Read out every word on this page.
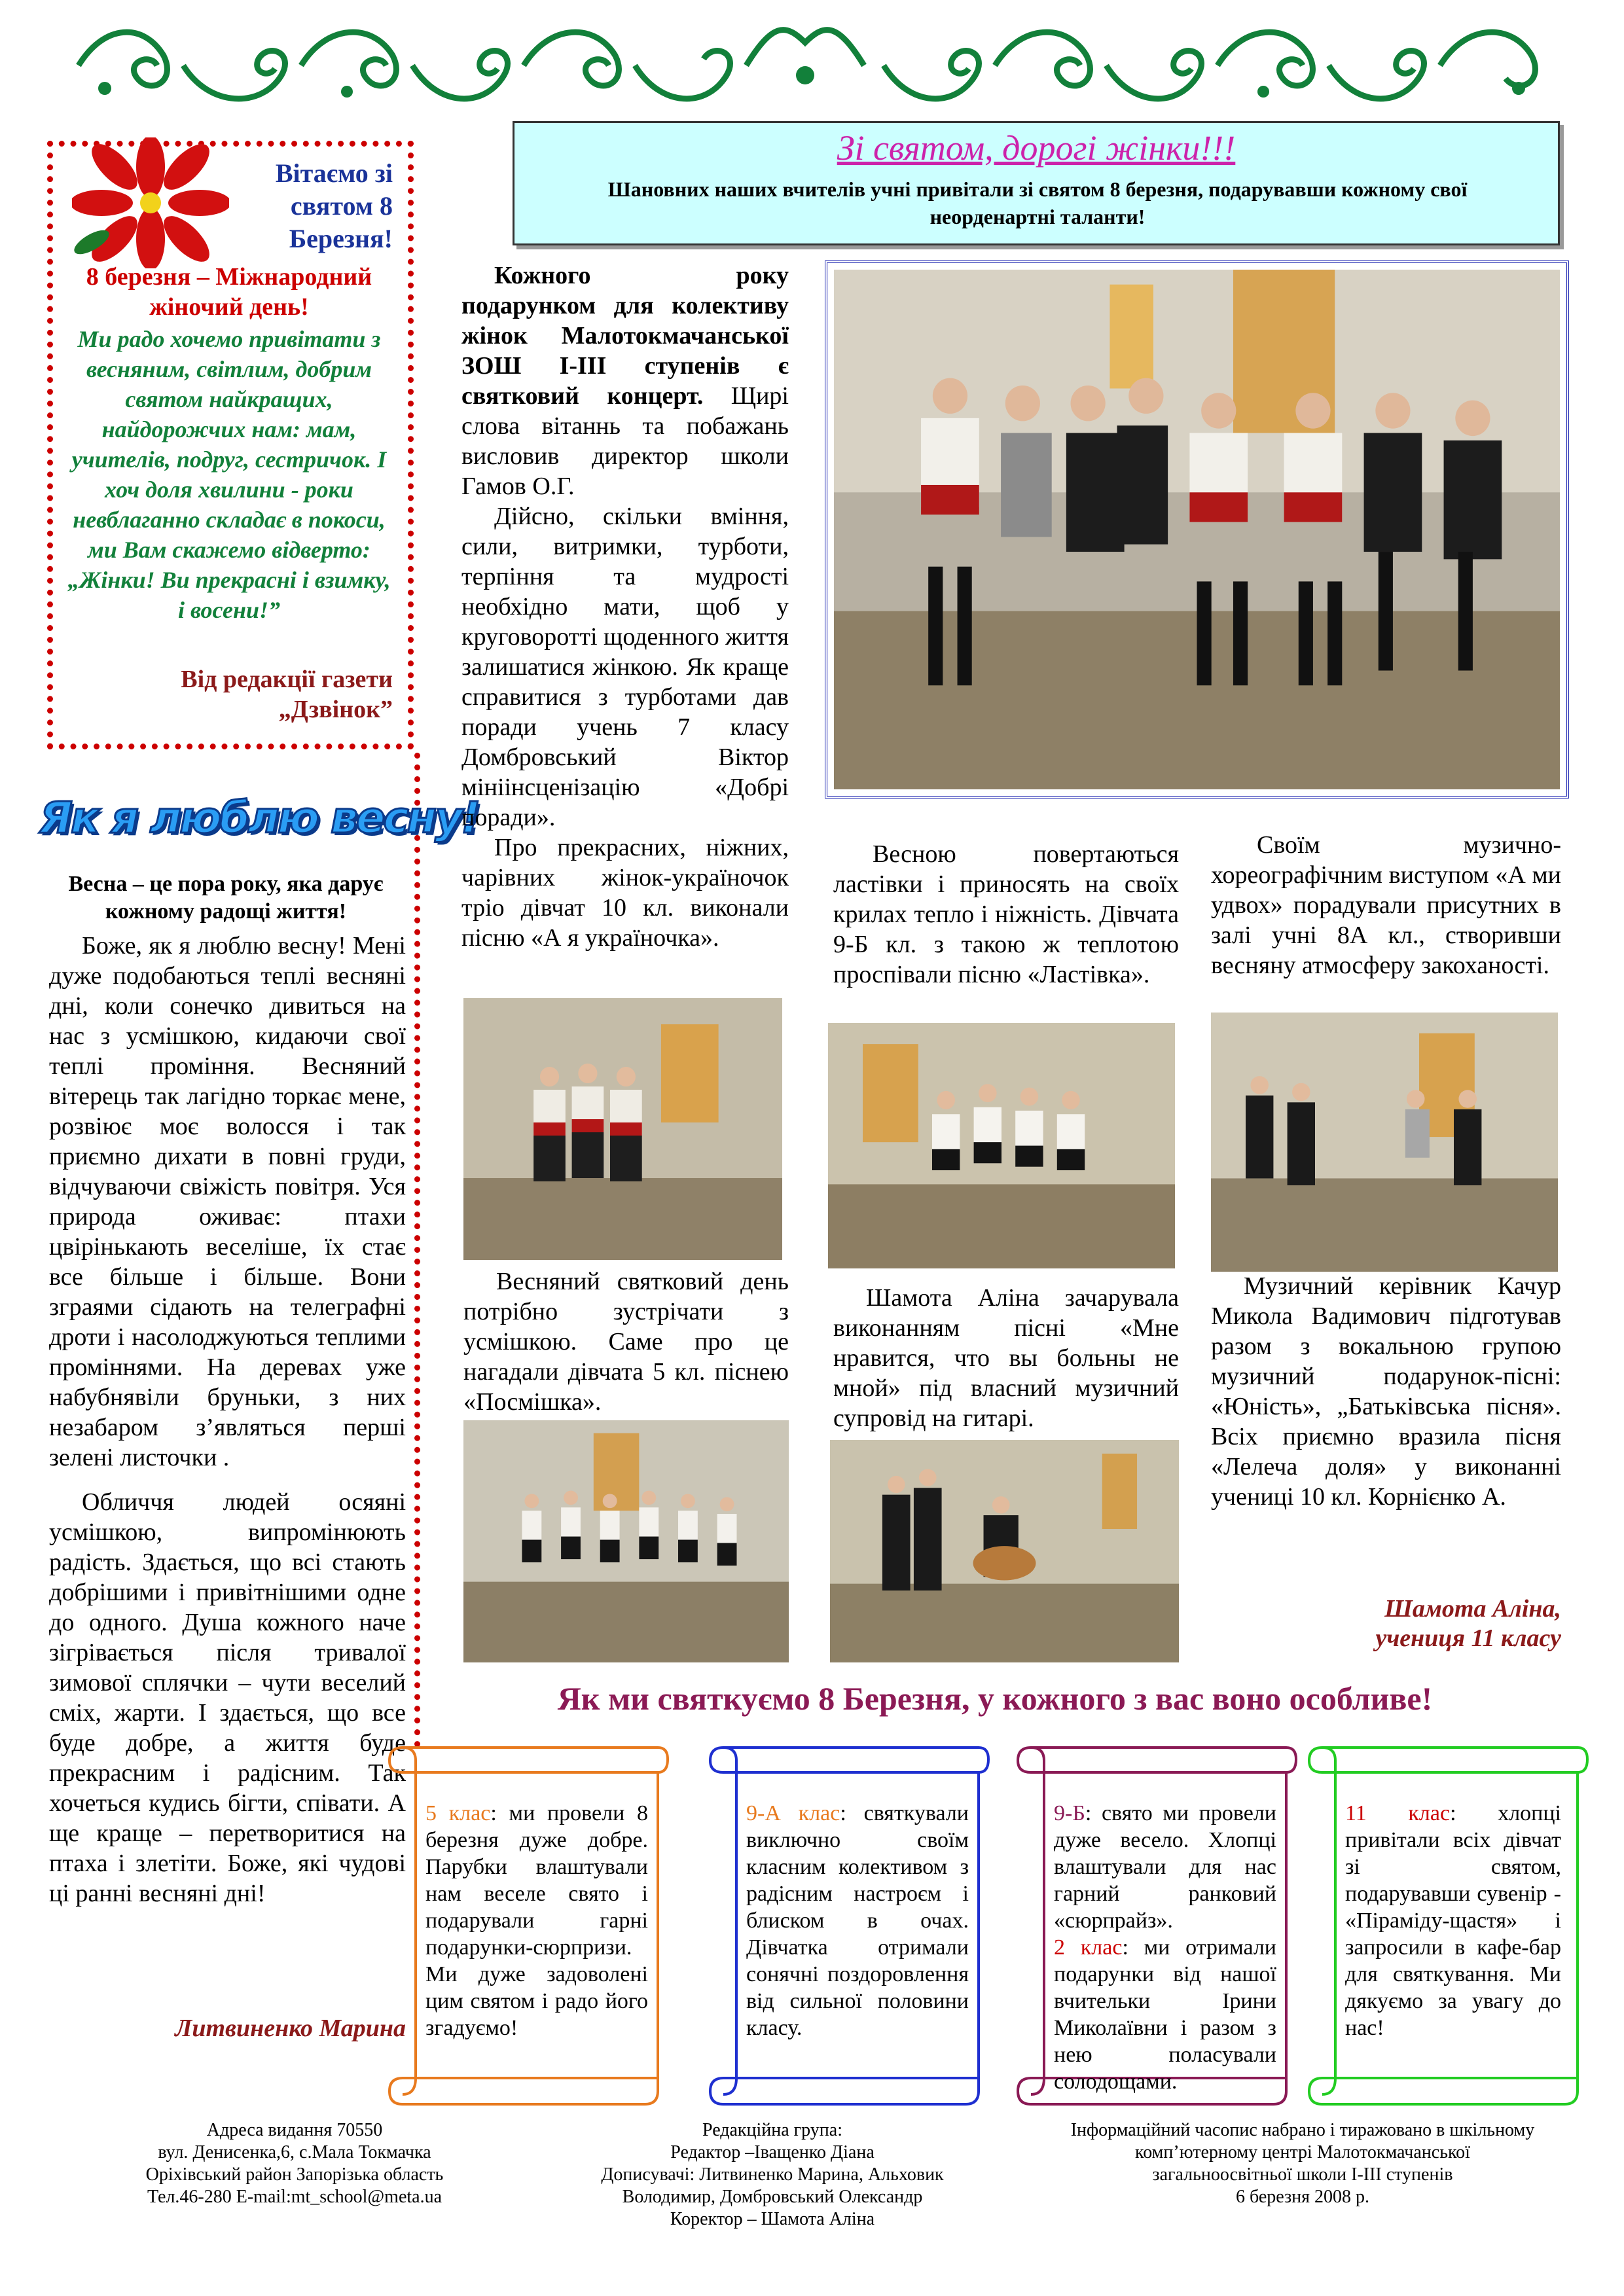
Вітаємо зі святом 8 Березня!
8 березня – Міжнародний жіночий день!
Ми радо хочемо привітати з весняним, світлим, добрим святом найкращих, найдорожчих нам: мам, учителів, подруг, сестричок. І хоч доля хвилини - роки невблаганно складає в покоси, ми Вам скажемо відверто:„Жінки! Ви прекрасні і взимку, і восени!”
Від редакції газети „Дзвінок”
Зі святом, дорогі жінки!!!
Шановних наших вчителів учні привітали зі святом 8 березня, подарувавши кожному свої неорденартні таланти!
Як я люблю весну!
Весна – це пора року, яка дарує кожному радощі життя!

Боже, як я люблю весну! Мені дуже подобаються теплі весняні дні, коли сонечко дивиться на нас з усмішкою, кидаючи свої теплі проміння. Весняний вітерець так лагідно торкає мене, розвіює моє волосся і так приємно дихати в повні груди, відчуваючи свіжість повітря. Уся природа оживає: птахи цвірінькають веселіше, їх стає все більше і більше. Вони зграями сідають на телеграфні дроти і насолоджуються теплими проміннями. На деревах уже набубнявіли бруньки, з них незабаром з’являться перші зелені листочки .

Обличчя людей осяяні усмішкою, випромінюють радість. Здається, що всі стають добрішими і привітнішими одне до одного. Душа кожного наче зігрівається після тривалої зимової сплячки – чути веселий сміх, жарти. І здається, що все буде добре, а життя буде прекрасним і радісним. Так хочеться кудись бігти, співати. А ще краще – перетворитися на птаха і злетіти. Боже, які чудові ці ранні весняні дні!

Литвиненко Марина

Кожного року подарунком для колективу жінок Малотокмачанської ЗОШ I-III ступенів є святковий концерт. Щирі слова вітаннь та побажань висловив директор школи Гамов О.Г.

Дійсно, скільки вміння, сили, витримки, турботи, терпіння та мудрості необхідно мати, щоб у круговоротті щоденного життя залишатися жінкою. Як краще справитися з турботами дав поради учень 7 класу Домбровський Віктор мініінсценізацію «Добрі поради».

Про прекрасних, ніжних, чарівних жінок-україночок тріо дівчат 10 кл. виконали пісню «А я україночка».

Весною повертаються ластівки і приносять на своїх крилах тепло і ніжність. Дівчата 9-Б кл. з такою ж теплотою проспівали пісню «Ластівка».

Своїм музично-хореографічним виступом «А ми удвох» порадували присутних в залі учні 8А кл., створивши весняну атмосферу закоханості.

Весняний святковий день потрібно зустрічати з усмішкою. Саме про це нагадали дівчата 5 кл. піснею «Посмішка».

Шамота Аліна зачарувала виконанням пісні «Мне нравится, что вы больны не мной» під власний музичний супровід на гитарі.

Музичний керівник Качур Микола Вадимович підготував разом з вокальною групою музичний подарунок-пісні: «Юність», „Батьківська пісня». Всіх приємно вразила пісня «Лелеча доля» у виконанні учениці 10 кл. Корнієнко А.

Шамота Аліна,
учениця 11 класу
Як ми святкуємо 8 Березня, у кожного з вас воно особливе!

5 клас: ми провели 8 березня дуже добре. Парубки влаштували нам веселе свято і подарували гарні подарунки-сюрпризи. Ми дуже задоволені цим святом і радо його згадуємо!

9-А клас: святкували виключно своїм класним колективом з радісним настроєм і блиском в очах. Дівчатка отримали сонячні поздоровлення від сильної половини класу.

9-Б: свято ми провели дуже весело. Хлопці влаштували для нас гарний ранковий «сюрпрайз».

2 клас: ми отримали подарунки від нашої вчительки Ірини Миколаївни і разом з нею поласували солодощами.

11 клас: хлопці привітали всіх дівчат зі святом, подарувавши сувенір - «Піраміду-щастя» і запросили в кафе-бар для святкування. Ми дякуємо за увагу до нас!

Адреса видання 70550
вул. Денисенка,6, с.Мала Токмачка
Оріхівський район Запорізька область
Тел.46-280 E-mail:mt_school@meta.ua
Редакційна група:
Редактор –Іващенко Діана
Дописувачі: Литвиненко Марина, Альховик
Володимир, Домбровський Олександр
Коректор – Шамота Аліна
Інформаційний часопис набрано і тиражовано в шкільному
комп’ютерному центрі Малотокмачанської
загальноосвітньої школи І-ІІІ ступенів
6 березня 2008 р.
